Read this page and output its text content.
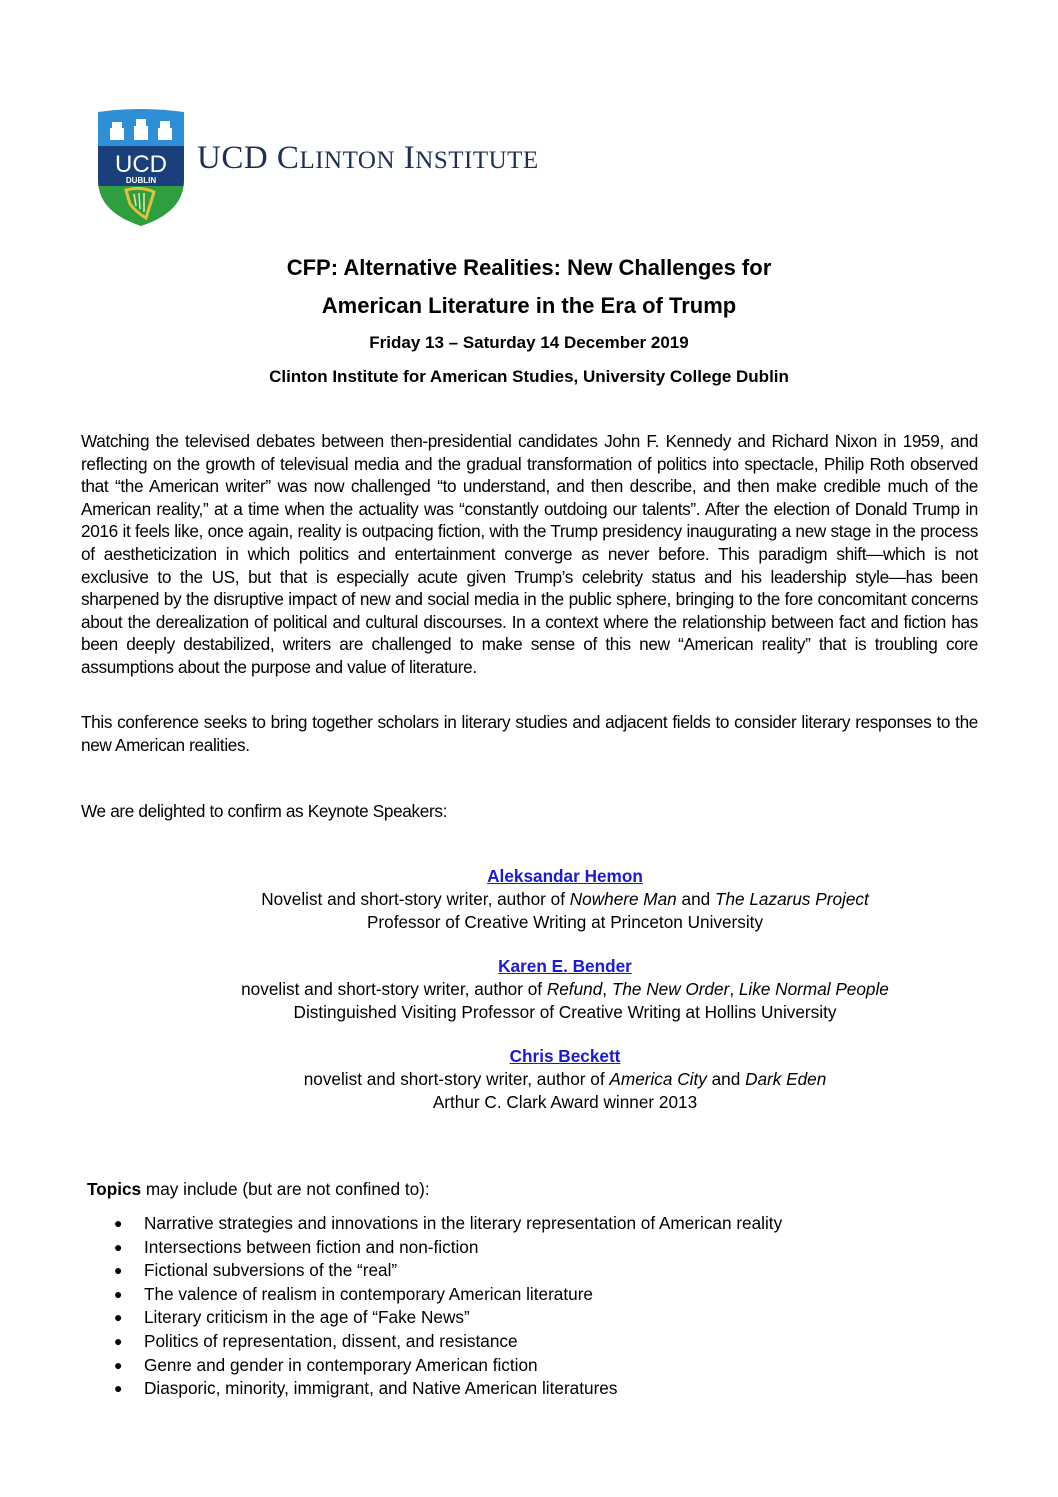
UCD
DUBLIN
UCD CLINTON INSTITUTE
CFP: Alternative Realities: New Challenges for
American Literature in the Era of Trump
Friday 13 – Saturday 14 December 2019
Clinton Institute for American Studies, University College Dublin
Watching the televised debates between then-presidential candidates John F. Kennedy and Richard Nixon in 1959, and reflecting on the growth of televisual media and the gradual transformation of politics into spectacle, Philip Roth observed that “the American writer” was now challenged “to understand, and then describe, and then make credible much of the American reality,” at a time when the actuality was “constantly outdoing our talents”. After the election of Donald Trump in 2016 it feels like, once again, reality is outpacing fiction, with the Trump presidency inaugurating a new stage in the process of aestheticization in which politics and entertainment converge as never before. This paradigm shift—which is not exclusive to the US, but that is especially acute given Trump’s celebrity status and his leadership style—has been sharpened by the disruptive impact of new and social media in the public sphere, bringing to the fore concomitant concerns about the derealization of political and cultural discourses. In a context where the relationship between fact and fiction has been deeply destabilized, writers are challenged to make sense of this new “American reality” that is troubling core assumptions about the purpose and value of literature.
This conference seeks to bring together scholars in literary studies and adjacent fields to consider literary responses to the new American realities.
We are delighted to confirm as Keynote Speakers:
Aleksandar Hemon
Novelist and short-story writer, author of Nowhere Man and The Lazarus Project
Professor of Creative Writing at Princeton University
Karen E. Bender
novelist and short-story writer, author of Refund, The New Order, Like Normal People
Distinguished Visiting Professor of Creative Writing at Hollins University
Chris Beckett
novelist and short-story writer, author of America City and Dark Eden
Arthur C. Clark Award winner 2013
Topics may include (but are not confined to):
● Narrative strategies and innovations in the literary representation of American reality
● Intersections between fiction and non-fiction
● Fictional subversions of the “real”
● The valence of realism in contemporary American literature
● Literary criticism in the age of “Fake News”
● Politics of representation, dissent, and resistance
● Genre and gender in contemporary American fiction
● Diasporic, minority, immigrant, and Native American literatures
